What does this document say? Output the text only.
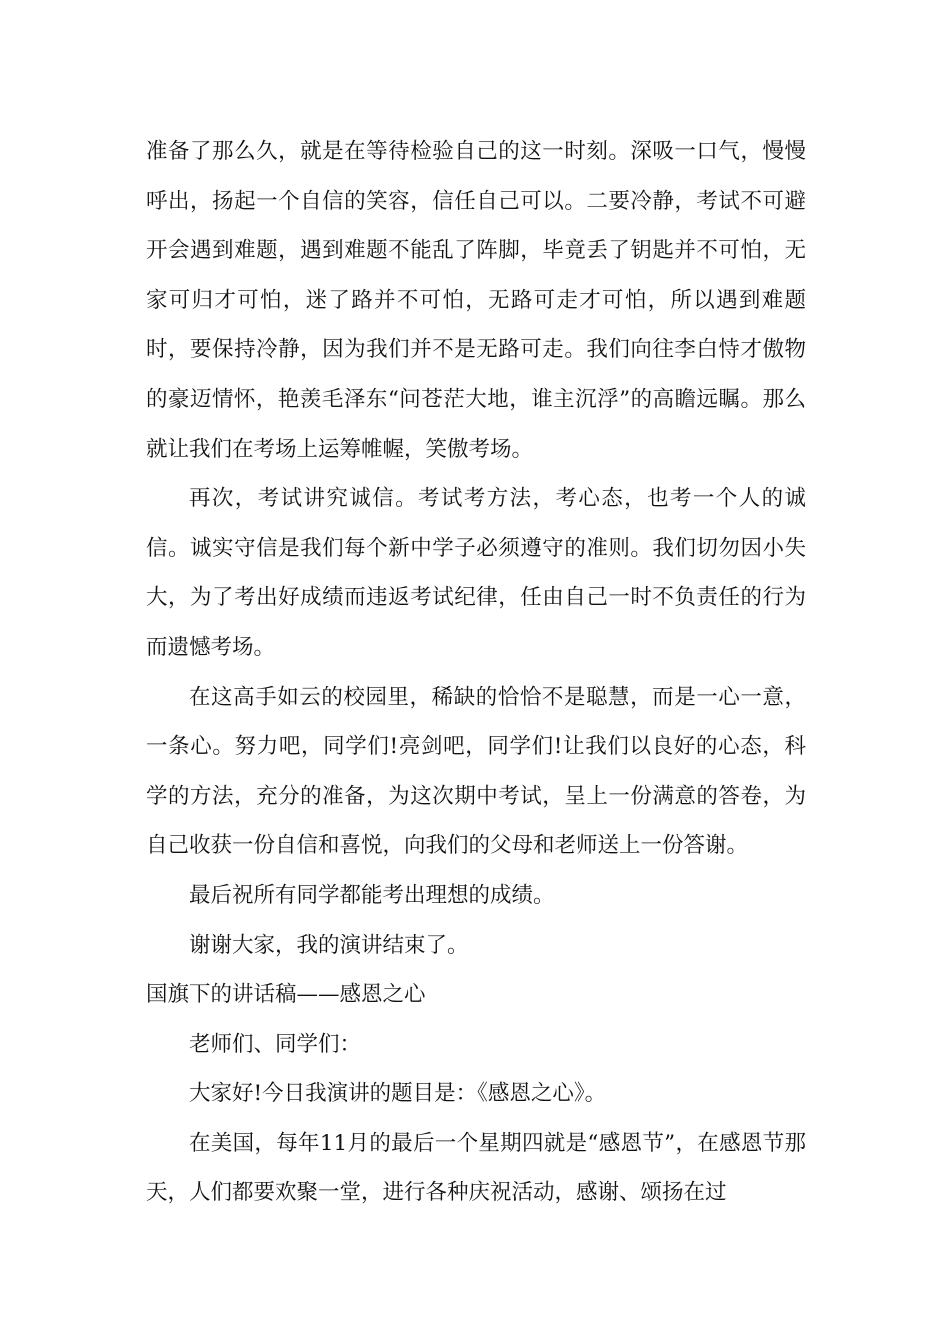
准备了那么久，就是在等待检验自己的这一时刻。深吸一口气，慢慢呼出，扬起一个自信的笑容，信任自己可以。二要冷静，考试不可避开会遇到难题，遇到难题不能乱了阵脚，毕竟丢了钥匙并不可怕，无家可归才可怕，迷了路并不可怕，无路可走才可怕，所以遇到难题时，要保持冷静，因为我们并不是无路可走。我们向往李白恃才傲物的豪迈情怀，艳羡毛泽东“问苍茫大地，谁主沉浮”的高瞻远瞩。那么就让我们在考场上运筹帷幄，笑傲考场。

再次，考试讲究诚信。考试考方法，考心态，也考一个人的诚信。诚实守信是我们每个新中学子必须遵守的准则。我们切勿因小失大，为了考出好成绩而违返考试纪律，任由自己一时不负责任的行为而遗憾考场。

在这高手如云的校园里，稀缺的恰恰不是聪慧，而是一心一意，一条心。努力吧，同学们!亮剑吧，同学们!让我们以良好的心态，科学的方法，充分的准备，为这次期中考试，呈上一份满意的答卷，为自己收获一份自信和喜悦，向我们的父母和老师送上一份答谢。

最后祝所有同学都能考出理想的成绩。

谢谢大家，我的演讲结束了。

国旗下的讲话稿——感恩之心

老师们、同学们：

大家好!今日我演讲的题目是：《感恩之心》。

在美国，每年11月的最后一个星期四就是“感恩节”，在感恩节那天，人们都要欢聚一堂，进行各种庆祝活动，感谢、颂扬在过
